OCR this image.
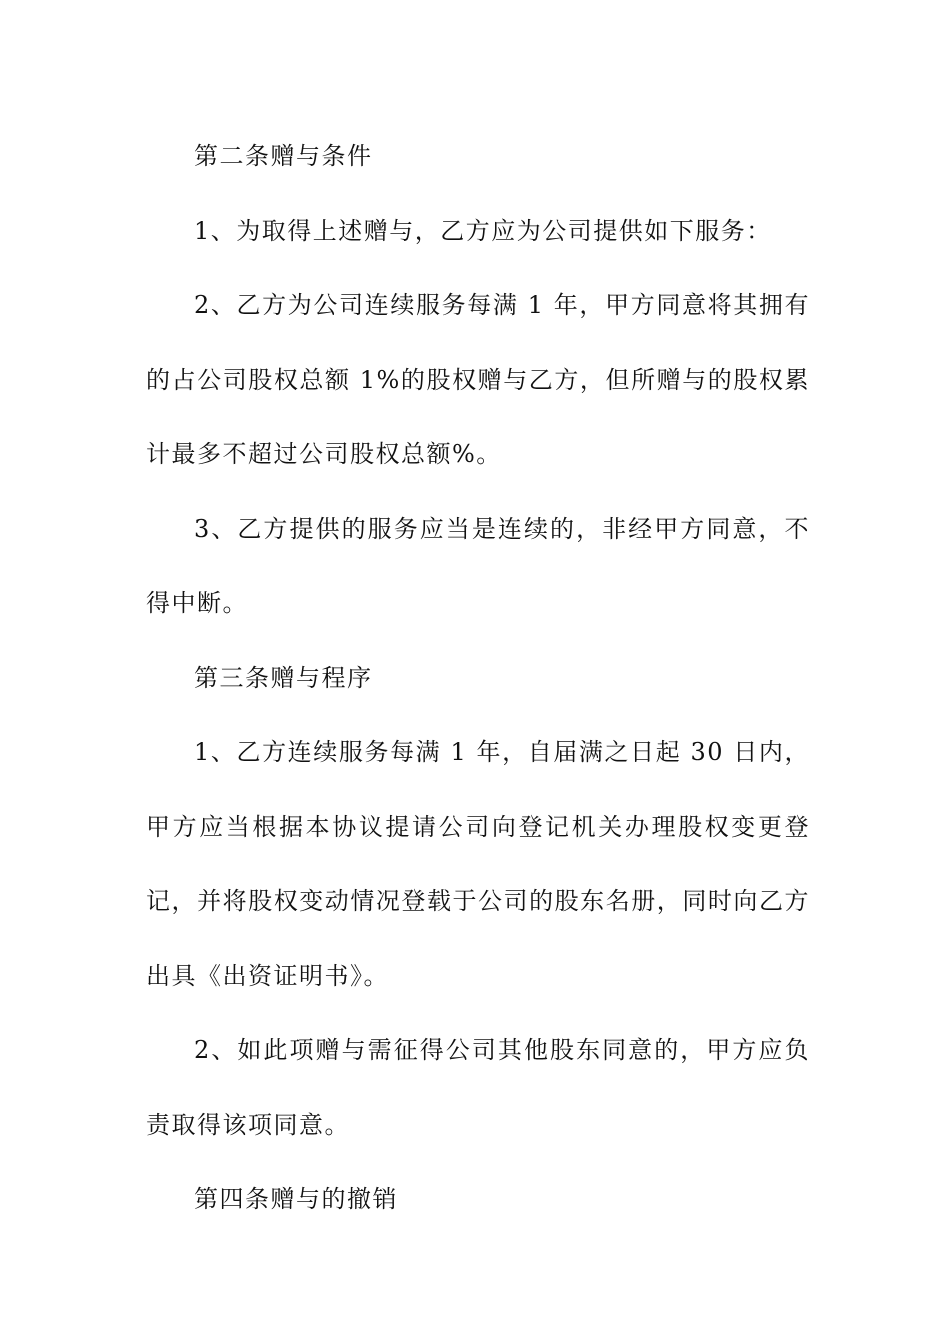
第二条赠与条件

1、为取得上述赠与，乙方应为公司提供如下服务：

2、乙方为公司连续服务每满 1 年，甲方同意将其拥有的占公司股权总额 1%的股权赠与乙方，但所赠与的股权累计最多不超过公司股权总额%。

3、乙方提供的服务应当是连续的，非经甲方同意，不得中断。

第三条赠与程序

1、乙方连续服务每满 1 年，自届满之日起 30 日内，甲方应当根据本协议提请公司向登记机关办理股权变更登记，并将股权变动情况登载于公司的股东名册，同时向乙方出具《出资证明书》。

2、如此项赠与需征得公司其他股东同意的，甲方应负责取得该项同意。

第四条赠与的撤销
